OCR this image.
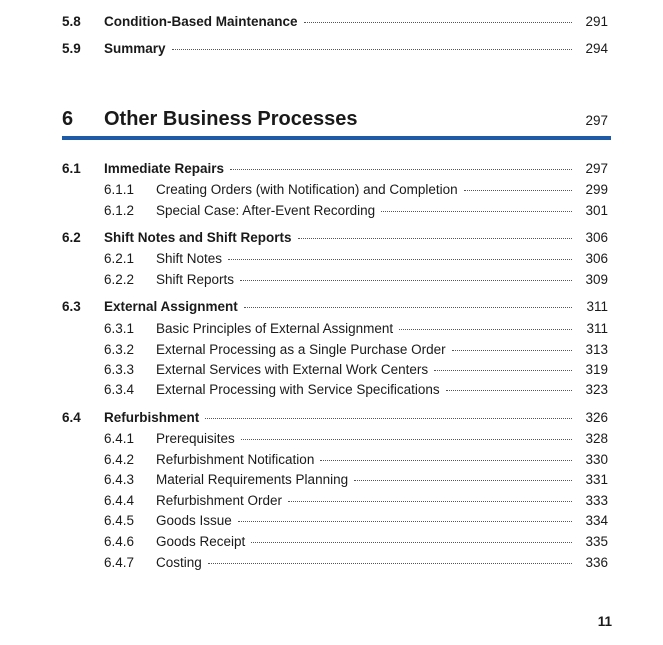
5.8	Condition-Based Maintenance	291
5.9	Summary	294
6	Other Business Processes	297
6.1	Immediate Repairs	297
6.1.1	Creating Orders (with Notification) and Completion	299
6.1.2	Special Case: After-Event Recording	301
6.2	Shift Notes and Shift Reports	306
6.2.1	Shift Notes	306
6.2.2	Shift Reports	309
6.3	External Assignment	311
6.3.1	Basic Principles of External Assignment	311
6.3.2	External Processing as a Single Purchase Order	313
6.3.3	External Services with External Work Centers	319
6.3.4	External Processing with Service Specifications	323
6.4	Refurbishment	326
6.4.1	Prerequisites	328
6.4.2	Refurbishment Notification	330
6.4.3	Material Requirements Planning	331
6.4.4	Refurbishment Order	333
6.4.5	Goods Issue	334
6.4.6	Goods Receipt	335
6.4.7	Costing	336
11
